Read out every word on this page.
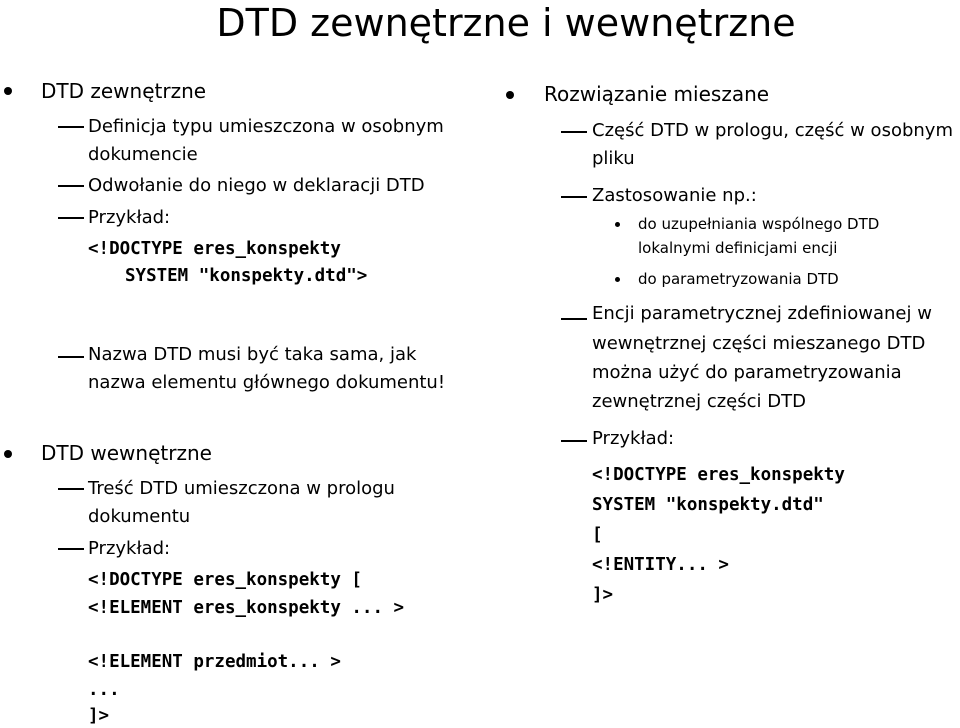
DTD zewnętrzne i wewnętrzne
DTD zewnętrzne
Definicja typu umieszczona w osobnym
dokumencie
Odwołanie do niego w deklaracji DTD
Przykład:
<!DOCTYPE eres_konspekty
SYSTEM "konspekty.dtd">
Nazwa DTD musi być taka sama, jak
nazwa elementu głównego dokumentu!
DTD wewnętrzne
Treść DTD umieszczona w prologu
dokumentu
Przykład:
<!DOCTYPE eres_konspekty [
<!ELEMENT eres_konspekty ... >
<!ELEMENT przedmiot... >
...
]>
Rozwiązanie mieszane
Część DTD w prologu, część w osobnym
pliku
Zastosowanie np.:
do uzupełniania wspólnego DTD
lokalnymi definicjami encji
do parametryzowania DTD
Encji parametrycznej zdefiniowanej w
wewnętrznej części mieszanego DTD
można użyć do parametryzowania
zewnętrznej części DTD
Przykład:
<!DOCTYPE eres_konspekty
SYSTEM "konspekty.dtd"
[
<!ENTITY... >
]>
